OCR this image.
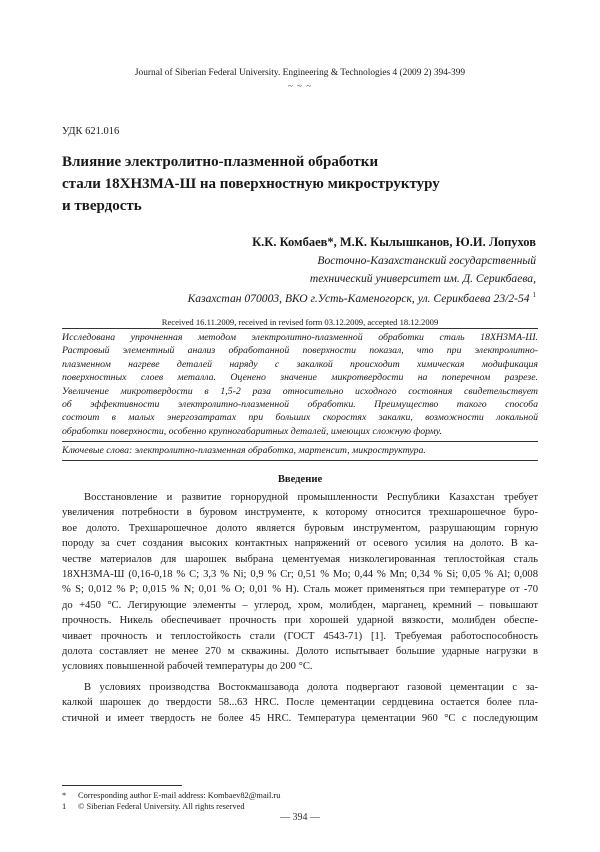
Journal of Siberian Federal University. Engineering & Technologies 4 (2009 2) 394-399
~ ~ ~
УДК 621.016
Влияние электролитно-плазменной обработки
стали 18ХН3МА-Ш на поверхностную микроструктуру
и твердость
К.К. Комбаев*, М.К. Кылышканов, Ю.И. Лопухов
Восточно-Казахстанский государственный
технический университет им. Д. Серикбаева,
Казахстан 070003, ВКО г.Усть-Каменогорск, ул. Серикбаева 23/2-54 $^1$
Received 16.11.2009, received in revised form 03.12.2009, accepted 18.12.2009
Исследована упрочненная методом электролитно-плазменной обработки сталь 18ХН3МА-Ш.
Растровый элементный анализ обработанной поверхности показал, что при электролитно-
плазменном нагреве деталей наряду с закалкой происходит химическая модификация
поверхностных слоев металла. Оценено значение микротвердости на поперечном разрезе.
Увеличение микротвердости в 1,5-2 раза относительно исходного состояния свидетельствует
об эффективности электролитно-плазменной обработки. Преимущество такого способа
состоит в малых энергозатратах при больших скоростях закалки, возможности локальной
обработки поверхности, особенно крупногабаритных деталей, имеющих сложную форму.
Ключевые слова: электролитно-плазменная обработка, мартенсит, микроструктура.
Введение
Восстановление и развитие горнорудной промышленности Республики Казахстан требует
увеличения потребности в буровом инструменте, к которому относится трехшарошечное буро-
вое долото. Трехшарошечное долото является буровым инструментом, разрушающим горную
породу за счет создания высоких контактных напряжений от осевого усилия на долото. В ка-
честве материалов для шарошек выбрана цементуемая низколегированная теплостойкая сталь
18ХН3МА-Ш (0,16-0,18 % C; 3,3 % Ni; 0,9 % Cr; 0,51 % Mo; 0,44 % Mn; 0,34 % Si; 0,05 % Al; 0,008
% S; 0,012 % P; 0,015 % N; 0,01 % O; 0,01 % H). Сталь может применяться при температуре от -70
до +450 °С. Легирующие элементы – углерод, хром, молибден, марганец, кремний – повышают
прочность. Никель обеспечивает прочность при хорошей ударной вязкости, молибден обеспе-
чивает прочность и теплостойкость стали (ГОСТ 4543-71) [1]. Требуемая работоспособность
долота составляет не менее 270 м скважины. Долото испытывает большие ударные нагрузки в
условиях повышенной рабочей температуры до 200 °С.
В условиях производства Востокмашзавода долота подвергают газовой цементации с за-
калкой шарошек до твердости 58...63 HRC. После цементации сердцевина остается более пла-
стичной и имеет твердость не более 45 HRC. Температура цементации 960 °С с последующим
* Corresponding author E-mail address: Kombaev82@mail.ru
1 © Siberian Federal University. All rights reserved
— 394 —
